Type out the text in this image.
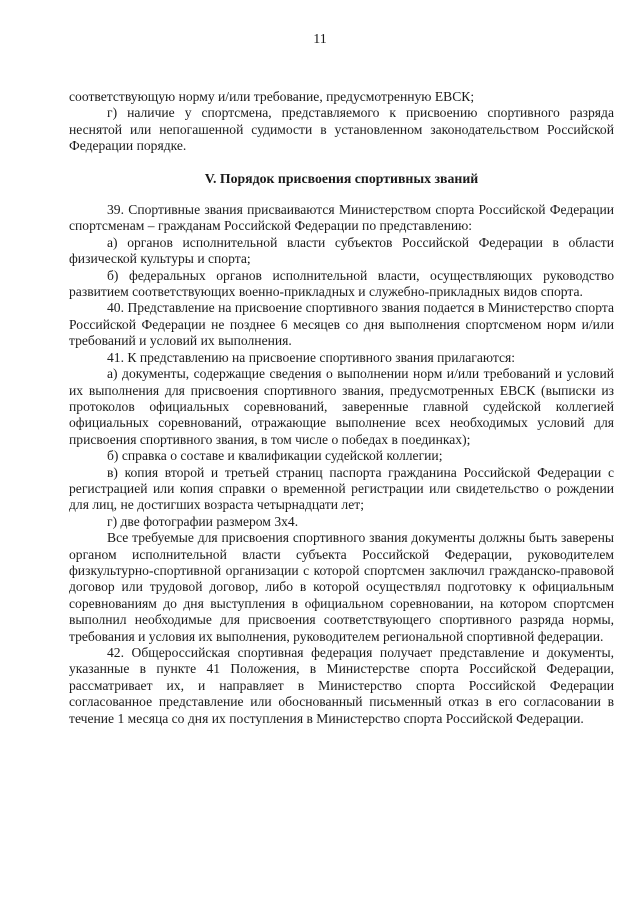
11

соответствующую норму и/или требование, предусмотренную ЕВСК;

г) наличие у спортсмена, представляемого к присвоению спортивного разряда неснятой или непогашенной судимости в установленном законодательством Российской Федерации порядке.

V. Порядок присвоения спортивных званий

39. Спортивные звания присваиваются Министерством спорта Российской Федерации спортсменам – гражданам Российской Федерации по представлению:

а) органов исполнительной власти субъектов Российской Федерации в области физической культуры и спорта;

б) федеральных органов исполнительной власти, осуществляющих руководство развитием соответствующих военно-прикладных и служебно-прикладных видов спорта.

40. Представление на присвоение спортивного звания подается в Министерство спорта Российской Федерации не позднее 6 месяцев со дня выполнения спортсменом норм и/или требований и условий их выполнения.

41. К представлению на присвоение спортивного звания прилагаются:

а) документы, содержащие сведения о выполнении норм и/или требований и условий их выполнения для присвоения спортивного звания, предусмотренных ЕВСК (выписки из протоколов официальных соревнований, заверенные главной судейской коллегией официальных соревнований, отражающие выполнение всех необходимых условий для присвоения спортивного звания, в том числе о победах в поединках);

б) справка о составе и квалификации судейской коллегии;

в) копия второй и третьей страниц паспорта гражданина Российской Федерации с регистрацией или копия справки о временной регистрации или свидетельство о рождении для лиц, не достигших возраста четырнадцати лет;

г) две фотографии размером 3х4.

Все требуемые для присвоения спортивного звания документы должны быть заверены органом исполнительной власти субъекта Российской Федерации, руководителем физкультурно-спортивной организации с которой спортсмен заключил гражданско-правовой договор или трудовой договор, либо в которой осуществлял подготовку к официальным соревнованиям до дня выступления в официальном соревновании, на котором спортсмен выполнил необходимые для присвоения соответствующего спортивного разряда нормы, требования и условия их выполнения, руководителем региональной спортивной федерации.

42. Общероссийская спортивная федерация получает представление и документы, указанные в пункте 41 Положения, в Министерстве спорта Российской Федерации, рассматривает их, и направляет в Министерство спорта Российской Федерации согласованное представление или обоснованный письменный отказ в его согласовании в течение 1 месяца со дня их поступления в Министерство спорта Российской Федерации.
